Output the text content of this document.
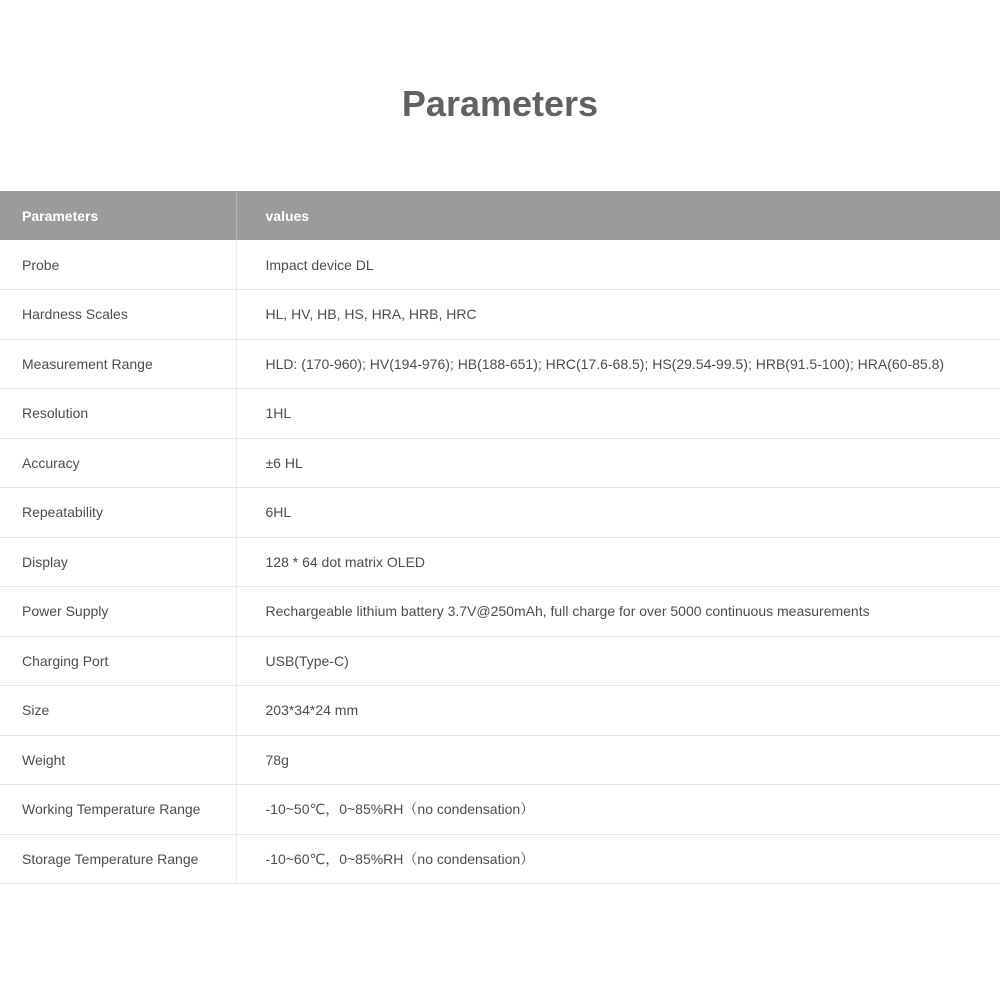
Parameters
Parameters	values
Probe	Impact device DL
Hardness Scales	HL, HV, HB, HS, HRA, HRB, HRC
Measurement Range	HLD: (170-960); HV(194-976); HB(188-651); HRC(17.6-68.5); HS(29.54-99.5); HRB(91.5-100); HRA(60-85.8)
Resolution	1HL
Accuracy	±6 HL
Repeatability	6HL
Display	128 * 64 dot matrix OLED
Power Supply	Rechargeable lithium battery 3.7V@250mAh, full charge for over 5000 continuous measurements
Charging Port	USB(Type-C)
Size	203*34*24 mm
Weight	78g
Working Temperature Range	-10~50℃，0~85%RH（no condensation）
Storage Temperature Range	-10~60℃，0~85%RH（no condensation）
